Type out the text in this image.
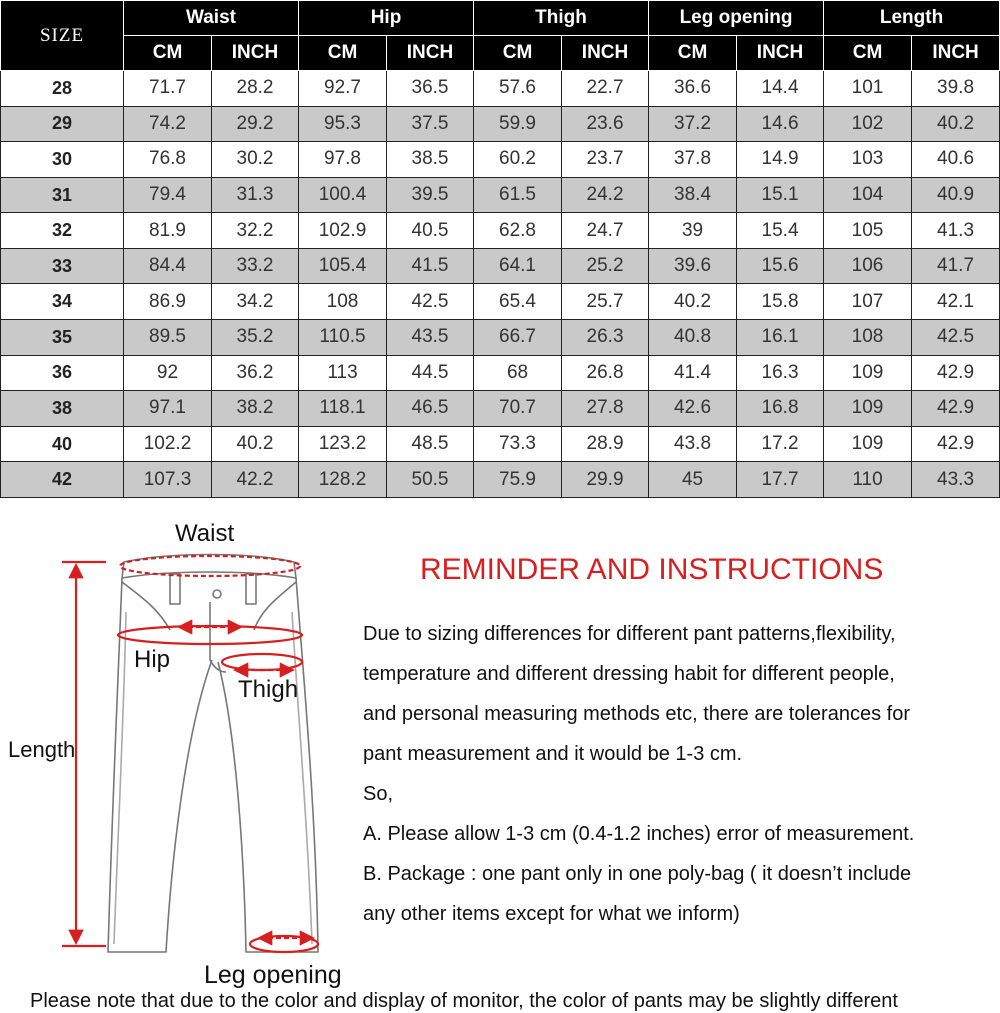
SIZE	Waist		Hip		Thigh		Leg opening		Length	
	CM	INCH	CM	INCH	CM	INCH	CM	INCH	CM	INCH
28	71.7	28.2	92.7	36.5	57.6	22.7	36.6	14.4	101	39.8
29	74.2	29.2	95.3	37.5	59.9	23.6	37.2	14.6	102	40.2
30	76.8	30.2	97.8	38.5	60.2	23.7	37.8	14.9	103	40.6
31	79.4	31.3	100.4	39.5	61.5	24.2	38.4	15.1	104	40.9
32	81.9	32.2	102.9	40.5	62.8	24.7	39	15.4	105	41.3
33	84.4	33.2	105.4	41.5	64.1	25.2	39.6	15.6	106	41.7
34	86.9	34.2	108	42.5	65.4	25.7	40.2	15.8	107	42.1
35	89.5	35.2	110.5	43.5	66.7	26.3	40.8	16.1	108	42.5
36	92	36.2	113	44.5	68	26.8	41.4	16.3	109	42.9
38	97.1	38.2	118.1	46.5	70.7	27.8	42.6	16.8	109	42.9
40	102.2	40.2	123.2	48.5	73.3	28.9	43.8	17.2	109	42.9
42	107.3	42.2	128.2	50.5	75.9	29.9	45	17.7	110	43.3
Waist
Hip
Thigh
Length
Leg opening
REMINDER AND INSTRUCTIONS
Due to sizing differences for different pant patterns,flexibility,
temperature and different dressing habit for different people,
and personal measuring methods etc, there are tolerances for
pant measurement and it would be 1-3 cm.
So,
A. Please allow 1-3 cm (0.4-1.2 inches) error of measurement.
B. Package : one pant only in one poly-bag ( it doesn’t include
any other items except for what we inform)
Please note that due to the color and display of monitor, the color of pants may be slightly different
